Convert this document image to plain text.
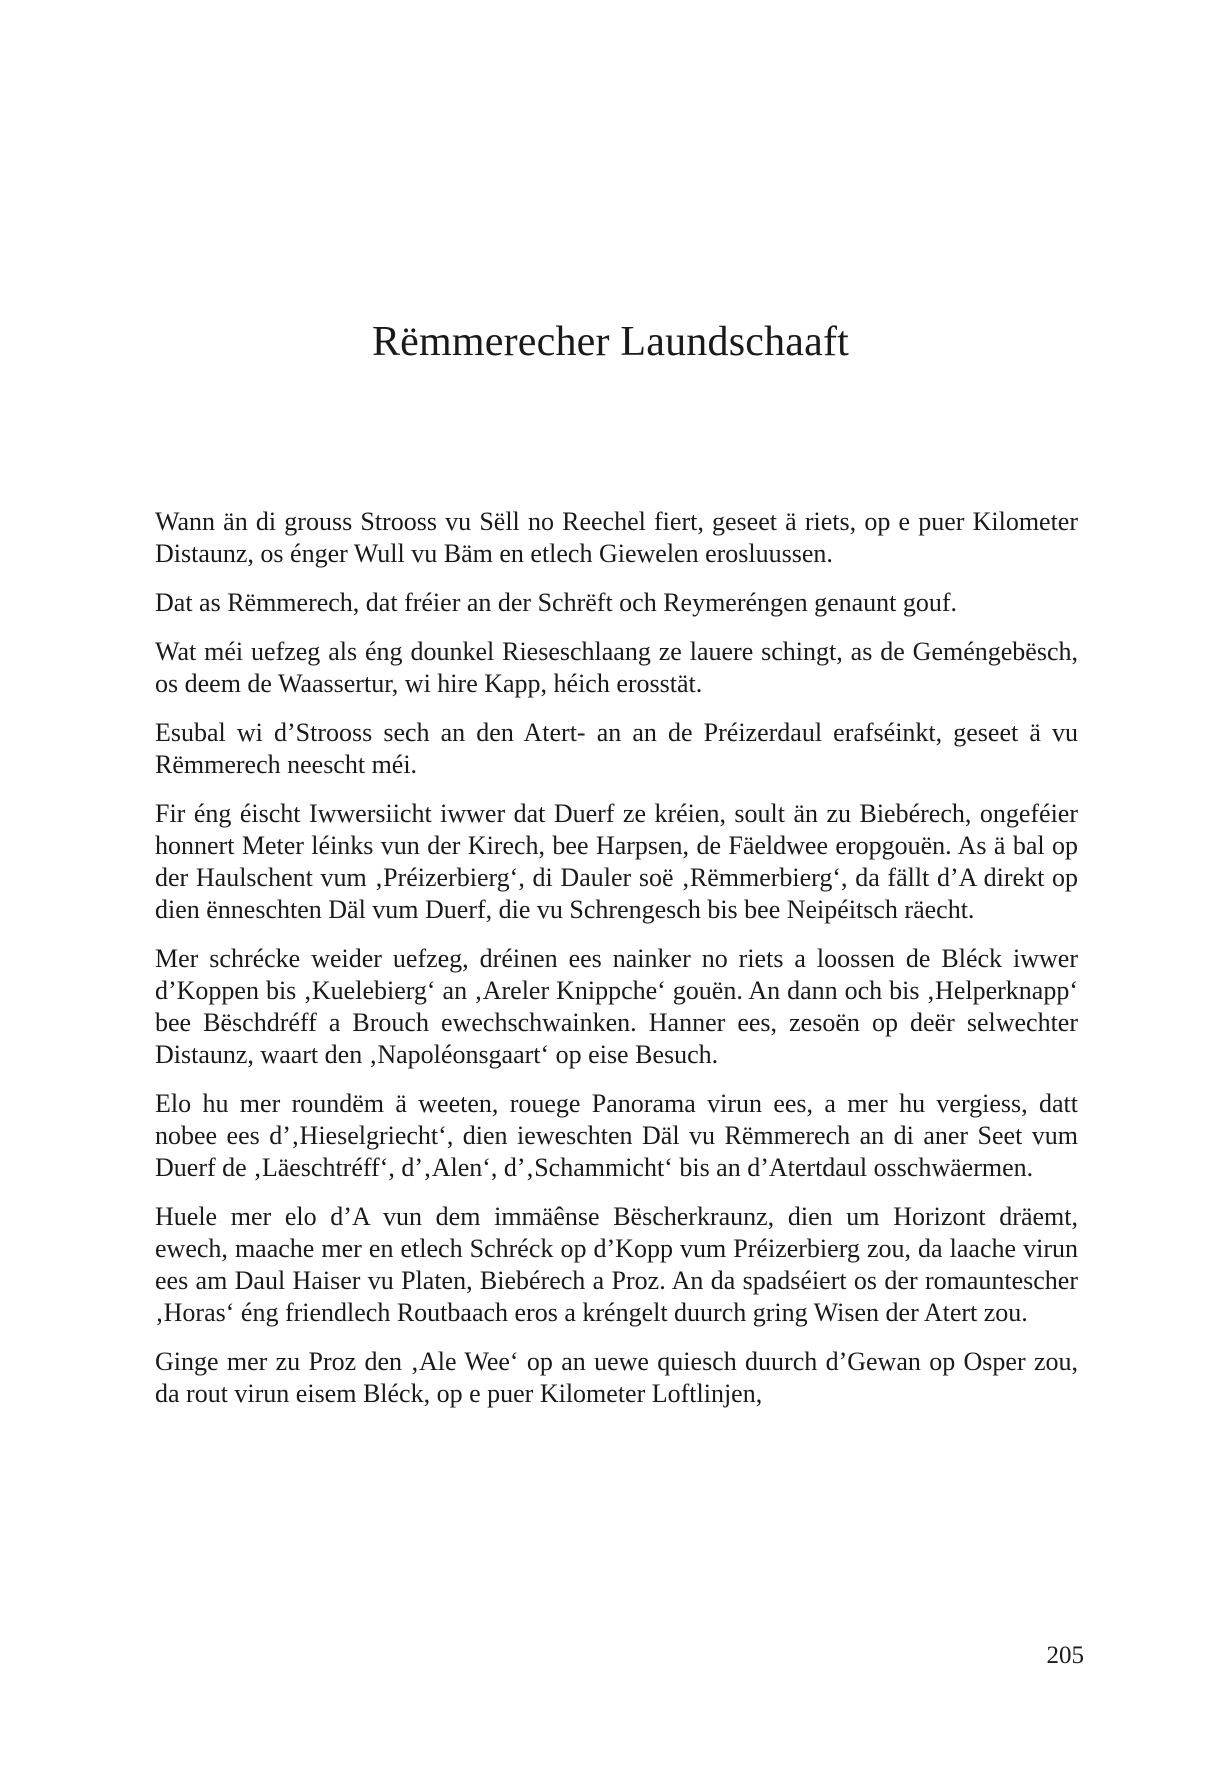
Rëmmerecher Laundschaaft

Wann än di grouss Strooss vu Sëll no Reechel fiert, geseet ä riets, op e puer Kilometer Distaunz, os énger Wull vu Bäm en etlech Giewelen erosluussen.

Dat as Rëmmerech, dat fréier an der Schrëft och Reymeréngen genaunt gouf.

Wat méi uefzeg als éng dounkel Rieseschlaang ze lauere schingt, as de Geméngebësch, os deem de Waassertur, wi hire Kapp, héich erosstät.

Esubal wi d’Strooss sech an den Atert- an an de Préizerdaul erafséinkt, geseet ä vu Rëmmerech neescht méi.

Fir éng éischt Iwwersiicht iwwer dat Duerf ze kréien, soult än zu Biebérech, ongeféier honnert Meter léinks vun der Kirech, bee Harpsen, de Fäeldwee eropgouën. As ä bal op der Haulschent vum ‚Préizerbierg‘, di Dauler soë ‚Rëmmerbierg‘, da fällt d’A direkt op dien ënneschten Däl vum Duerf, die vu Schrengesch bis bee Neipéitsch räecht.

Mer schrécke weider uefzeg, dréinen ees nainker no riets a loossen de Bléck iwwer d’Koppen bis ‚Kuelebierg‘ an ‚Areler Knippche‘ gouën. An dann och bis ‚Helperknapp‘ bee Bëschdréff a Brouch ewechschwainken. Hanner ees, zesoën op deër selwechter Distaunz, waart den ‚Napoléonsgaart‘ op eise Besuch.

Elo hu mer roundëm ä weeten, rouege Panorama virun ees, a mer hu vergiess, datt nobee ees d’‚Hieselgriecht‘, dien ieweschten Däl vu Rëmmerech an di aner Seet vum Duerf de ‚Läeschtréff‘, d’‚Alen‘, d’‚Schammicht‘ bis an d’Atertdaul osschwäermen.

Huele mer elo d’A vun dem immäênse Bëscherkraunz, dien um Horizont dräemt, ewech, maache mer en etlech Schréck op d’Kopp vum Préizerbierg zou, da laache virun ees am Daul Haiser vu Platen, Biebérech a Proz. An da spadséiert os der romauntescher ‚Horas‘ éng friendlech Routbaach eros a kréngelt duurch gring Wisen der Atert zou.

Ginge mer zu Proz den ‚Ale Wee‘ op an uewe quiesch duurch d’Gewan op Osper zou, da rout virun eisem Bléck, op e puer Kilometer Loftlinjen,

205
